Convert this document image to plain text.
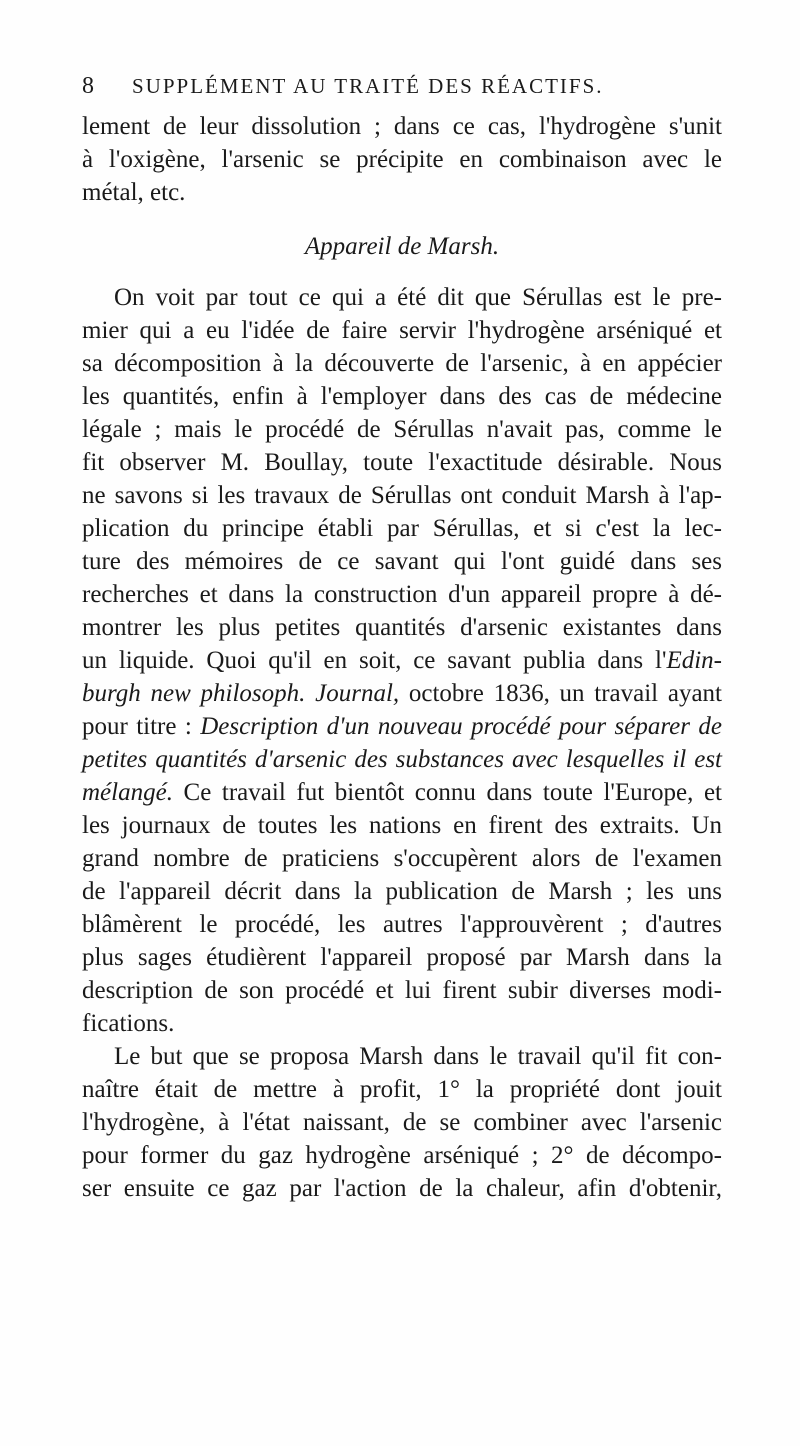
8 SUPPLÉMENT AU TRAITÉ DES RÉACTIFS.
lement de leur dissolution ; dans ce cas, l'hydrogène s'unit
à l'oxigène, l'arsenic se précipite en combinaison avec le
métal, etc.
Appareil de Marsh.
On voit par tout ce qui a été dit que Sérullas est le pre-
mier qui a eu l'idée de faire servir l'hydrogène arséniqué et
sa décomposition à la découverte de l'arsenic, à en appécier
les quantités, enfin à l'employer dans des cas de médecine
légale ; mais le procédé de Sérullas n'avait pas, comme le
fit observer M. Boullay, toute l'exactitude désirable. Nous
ne savons si les travaux de Sérullas ont conduit Marsh à l'ap-
plication du principe établi par Sérullas, et si c'est la lec-
ture des mémoires de ce savant qui l'ont guidé dans ses
recherches et dans la construction d'un appareil propre à dé-
montrer les plus petites quantités d'arsenic existantes dans
un liquide. Quoi qu'il en soit, ce savant publia dans l'Edin-
burgh new philosoph. Journal, octobre 1836, un travail ayant
pour titre : Description d'un nouveau procédé pour séparer de
petites quantités d'arsenic des substances avec lesquelles il est
mélangé. Ce travail fut bientôt connu dans toute l'Europe, et
les journaux de toutes les nations en firent des extraits. Un
grand nombre de praticiens s'occupèrent alors de l'examen
de l'appareil décrit dans la publication de Marsh ; les uns
blâmèrent le procédé, les autres l'approuvèrent ; d'autres
plus sages étudièrent l'appareil proposé par Marsh dans la
description de son procédé et lui firent subir diverses modi-
fications.
Le but que se proposa Marsh dans le travail qu'il fit con-
naître était de mettre à profit, 1° la propriété dont jouit
l'hydrogène, à l'état naissant, de se combiner avec l'arsenic
pour former du gaz hydrogène arséniqué ; 2° de décompo-
ser ensuite ce gaz par l'action de la chaleur, afin d'obtenir,
